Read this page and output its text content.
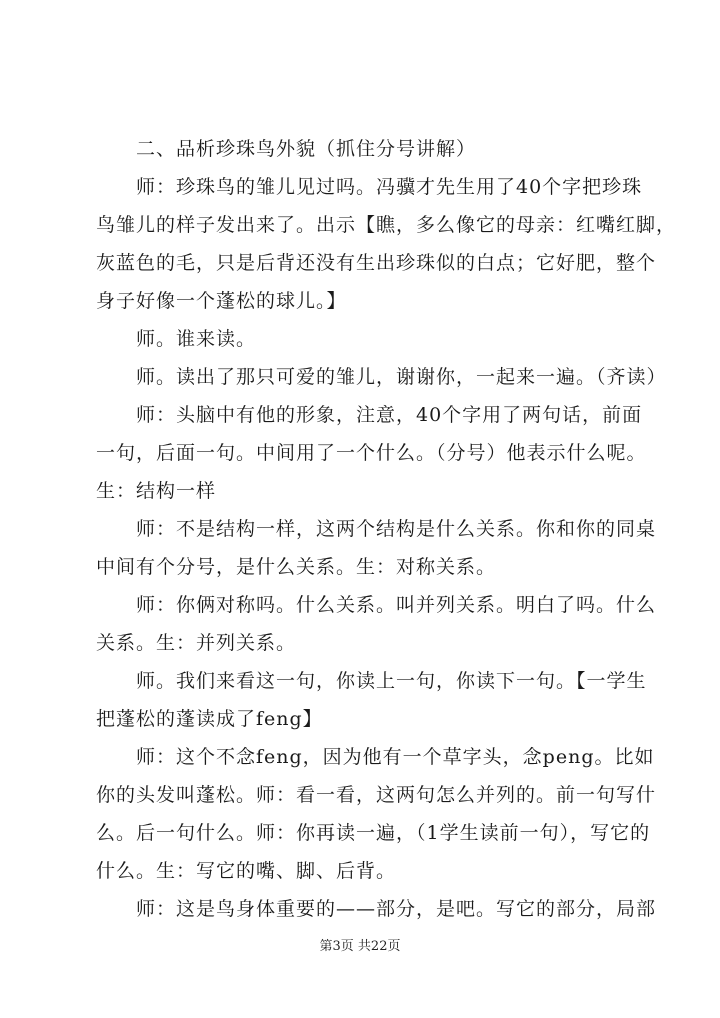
二、品析珍珠鸟外貌（抓住分号讲解）
师：珍珠鸟的雏儿见过吗。冯骥才先生用了40个字把珍珠
鸟雏儿的样子发出来了。出示【瞧，多么像它的母亲：红嘴红脚，
灰蓝色的毛，只是后背还没有生出珍珠似的白点；它好肥，整个
身子好像一个蓬松的球儿。】
师。谁来读。
师。读出了那只可爱的雏儿，谢谢你，一起来一遍。（齐读）
师：头脑中有他的形象，注意，40个字用了两句话，前面
一句，后面一句。中间用了一个什么。（分号）他表示什么呢。
生：结构一样
师：不是结构一样，这两个结构是什么关系。你和你的同桌
中间有个分号，是什么关系。生：对称关系。
师：你俩对称吗。什么关系。叫并列关系。明白了吗。什么
关系。生：并列关系。
师。我们来看这一句，你读上一句，你读下一句。【一学生
把蓬松的蓬读成了feng】
师：这个不念feng，因为他有一个草字头，念peng。比如
你的头发叫蓬松。师：看一看，这两句怎么并列的。前一句写什
么。后一句什么。师：你再读一遍，（1学生读前一句），写它的
什么。生：写它的嘴、脚、后背。
师：这是鸟身体重要的——部分，是吧。写它的部分，局部
第3页 共22页
